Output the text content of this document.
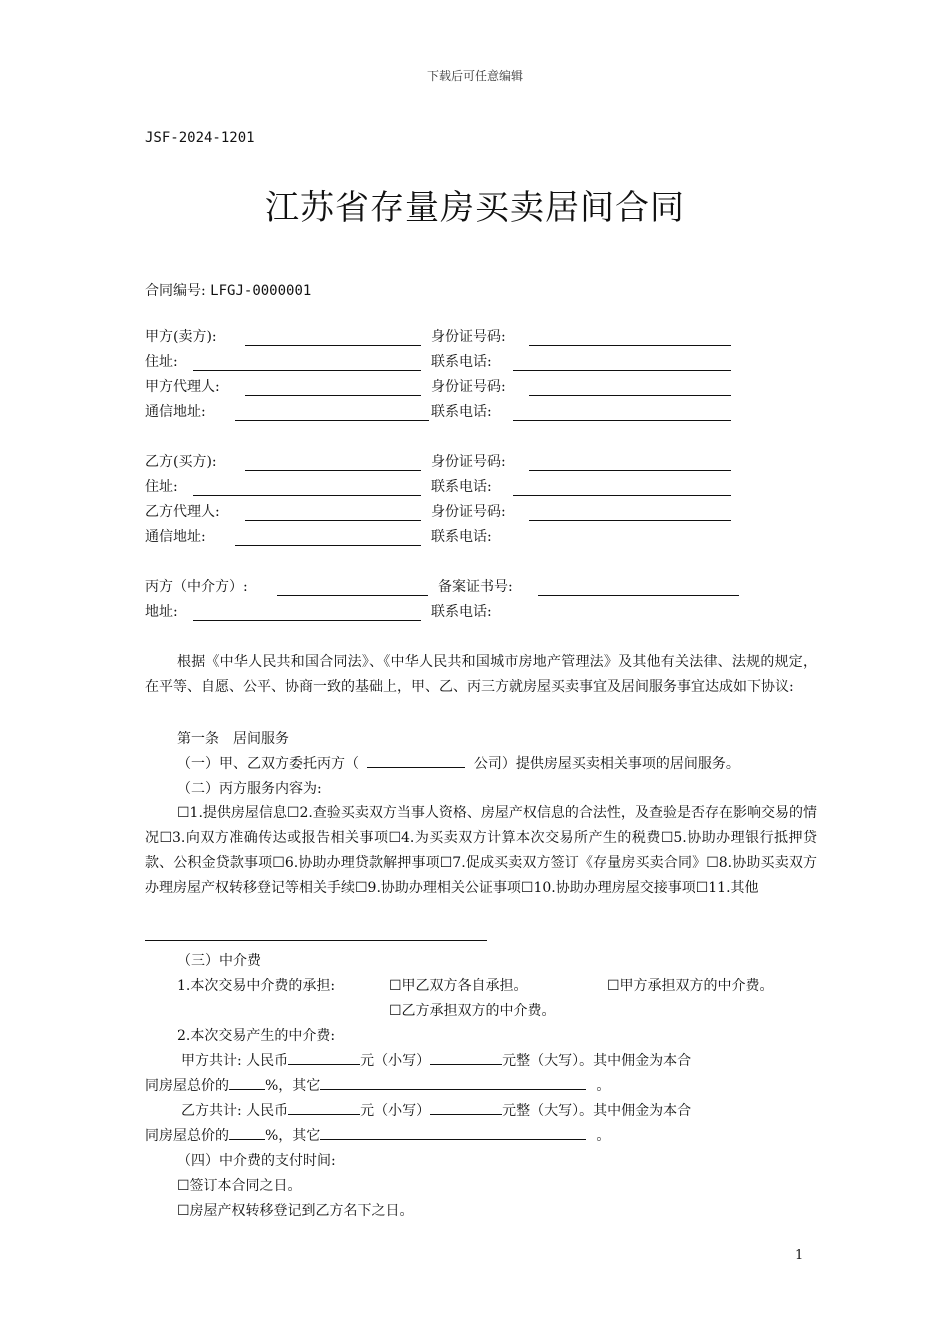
下载后可任意编辑
JSF-2024-1201
江苏省存量房买卖居间合同
合同编号: LFGJ-0000001
甲方(卖方):	身份证号码:
住址:	联系电话:
甲方代理人:	身份证号码:
通信地址:	联系电话:
乙方(买方):	身份证号码:
住址:	联系电话:
乙方代理人:	身份证号码:
通信地址:	联系电话:
丙方（中介方）:	备案证书号:
地址:	联系电话:
根据《中华人民共和国合同法》、《中华人民共和国城市房地产管理法》及其他有关法律、法规的规定，在平等、自愿、公平、协商一致的基础上，甲、乙、丙三方就房屋买卖事宜及居间服务事宜达成如下协议:
第一条　居间服务
（一）甲、乙双方委托丙方（	公司）提供房屋买卖相关事项的居间服务。
（二）丙方服务内容为:
☐1.提供房屋信息☐2.查验买卖双方当事人资格、房屋产权信息的合法性，及查验是否存在影响交易的情况☐3.向双方准确传达或报告相关事项☐4.为买卖双方计算本次交易所产生的税费☐5.协助办理银行抵押贷款、公积金贷款事项☐6.协助办理贷款解押事项☐7.促成买卖双方签订《存量房买卖合同》☐8.协助买卖双方办理房屋产权转移登记等相关手续☐9.协助办理相关公证事项☐10.协助办理房屋交接事项☐11.其他
（三）中介费
1.本次交易中介费的承担:	☐甲乙双方各自承担。	☐甲方承担双方的中介费。
☐乙方承担双方的中介费。
2.本次交易产生的中介费:
甲方共计: 人民币	元（小写）	元整（大写）。其中佣金为本合
同房屋总价的	%，其它	。
乙方共计: 人民币	元（小写）	元整（大写）。其中佣金为本合
同房屋总价的	%，其它	。
（四）中介费的支付时间:
☐签订本合同之日。
☐房屋产权转移登记到乙方名下之日。
1
